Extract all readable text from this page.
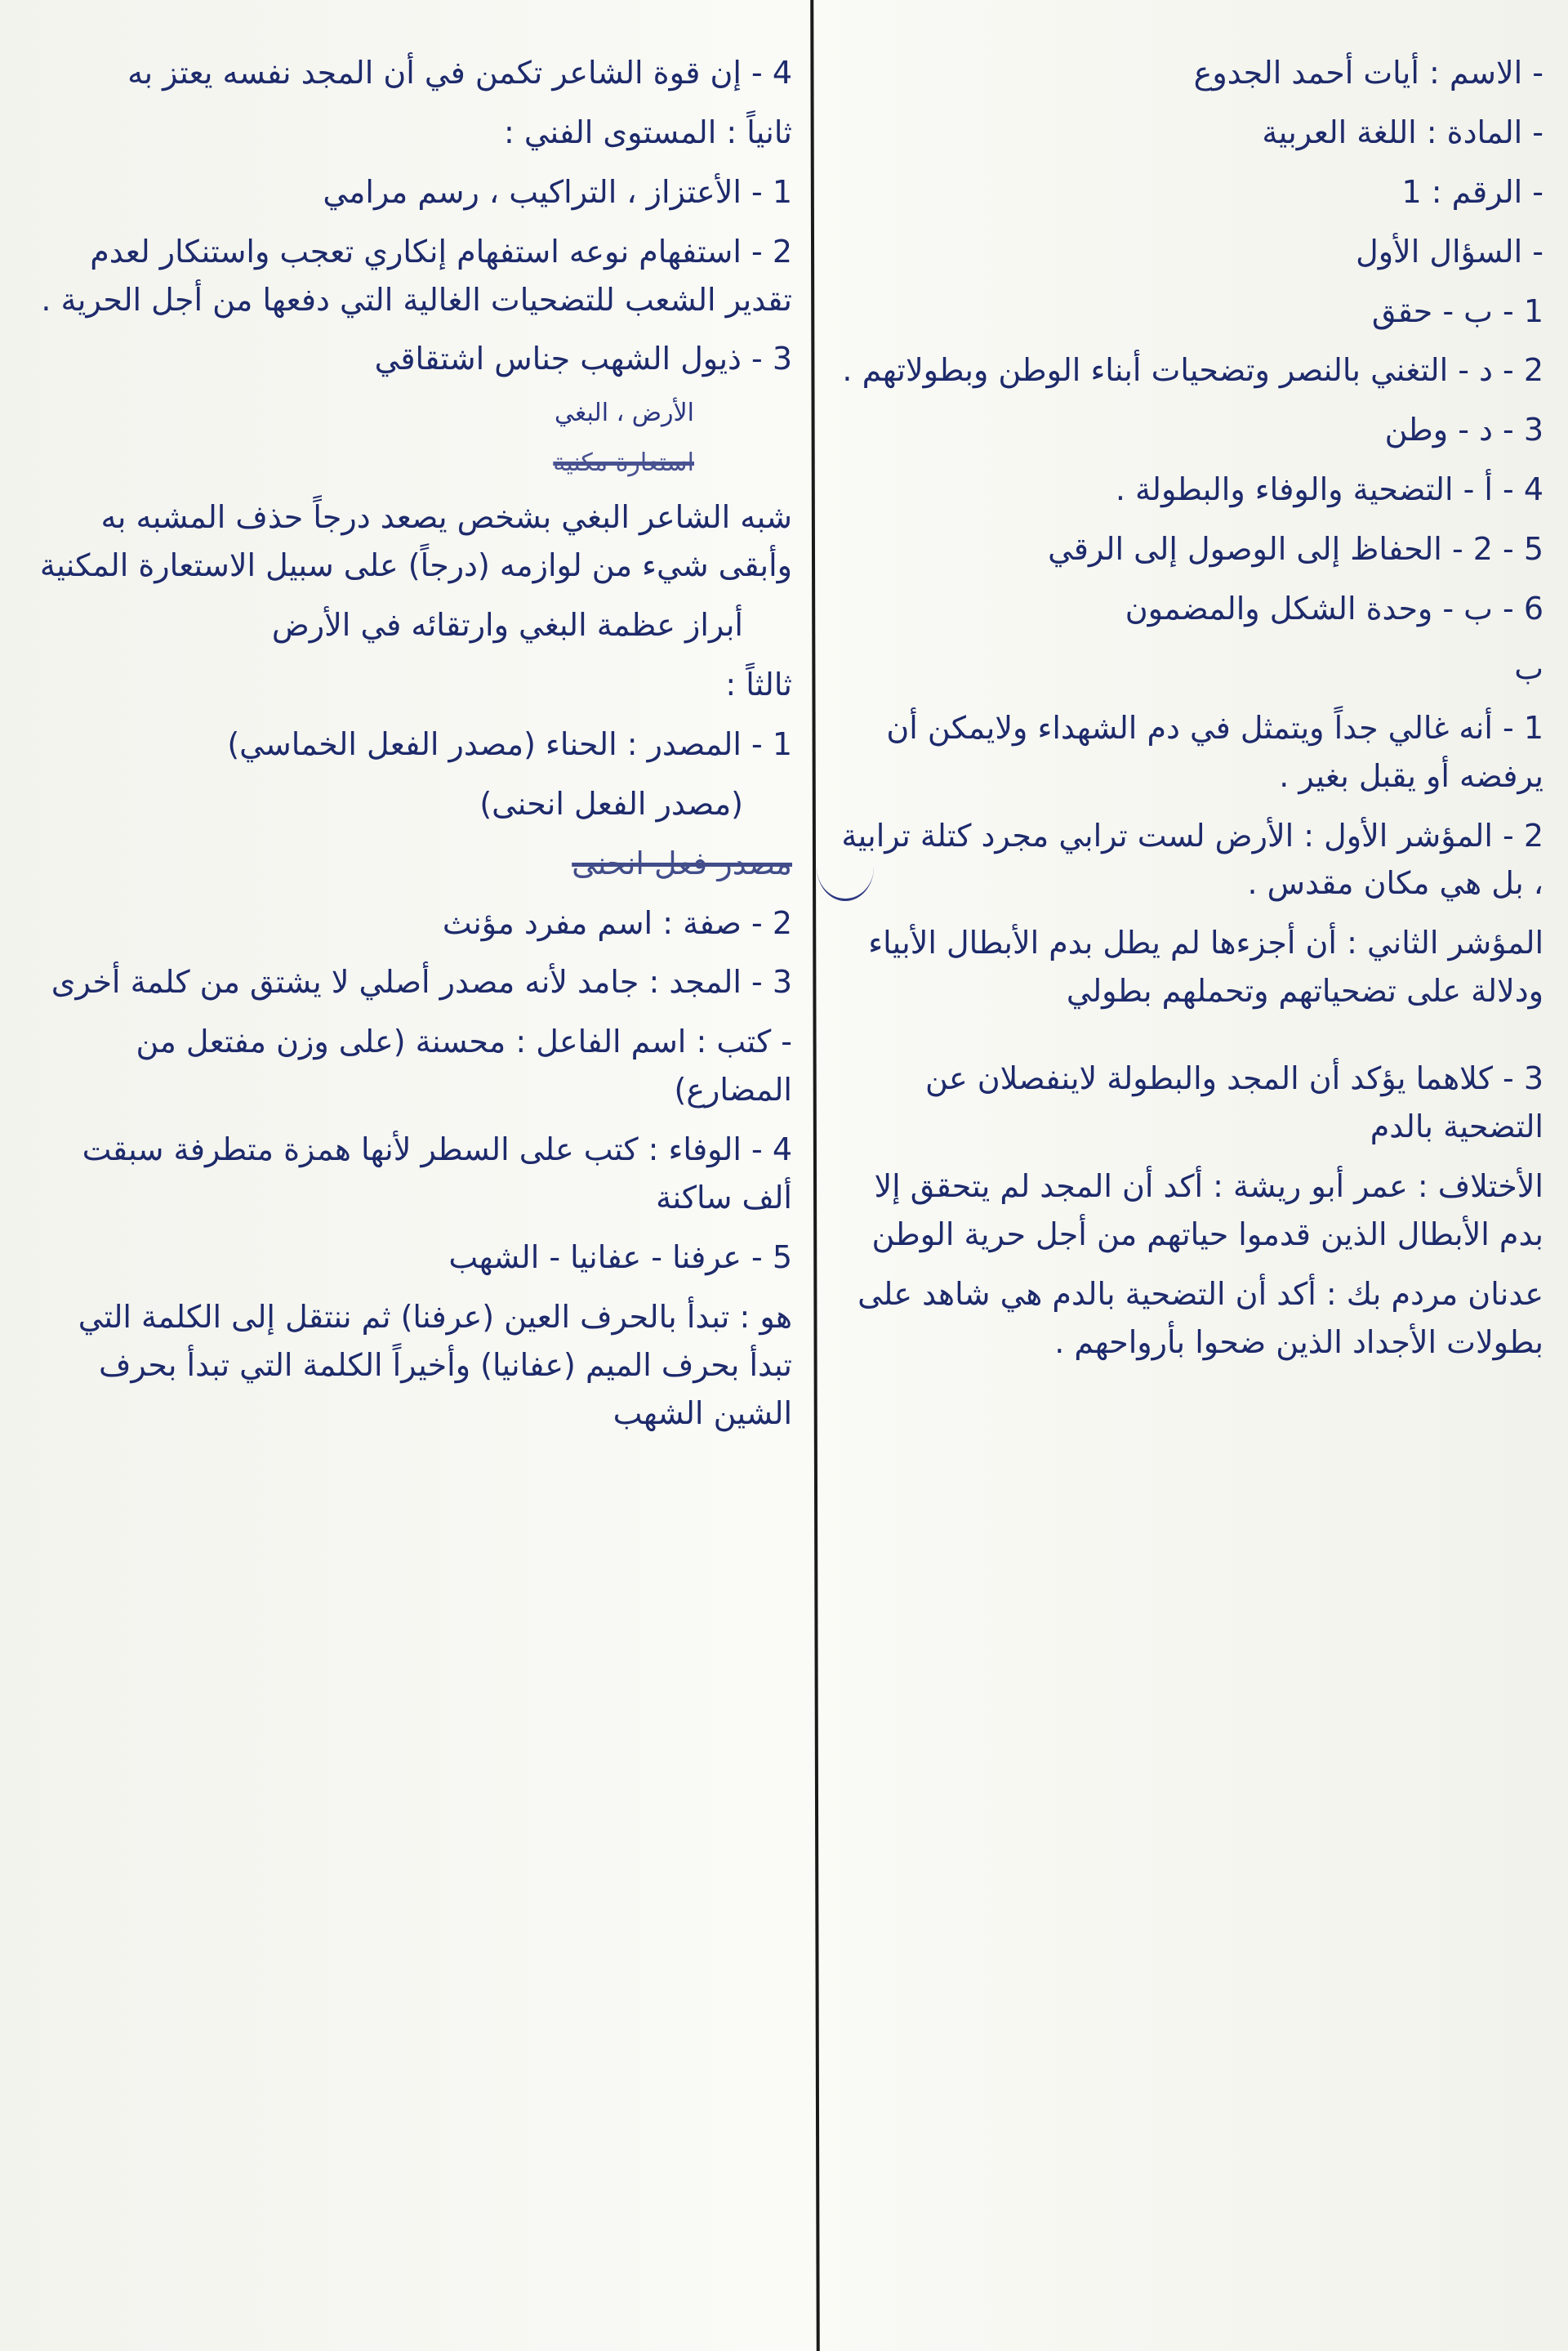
- الاسم : أيات أحمد الجدوع
- المادة : اللغة العربية
- الرقم : 1
- السؤال الأول
1 - ب - حقق
2 - د - التغني بالنصر وتضحيات أبناء الوطن وبطولاتهم .
3 - د - وطن
4 - أ - التضحية والوفاء والبطولة .
5 - 2 - الحفاظ إلى الوصول إلى الرقي
6 - ب - وحدة الشكل والمضمون
ب
1 - أنه غالي جداً ويتمثل في دم الشهداء ولايمكن أن يرفضه أو يقبل بغير .
2 - المؤشر الأول : الأرض لست ترابي مجرد كتلة ترابية ، بل هي مكان مقدس .
المؤشر الثاني : أن أجزءها لم يطل بدم الأبطال الأبياء ودلالة على تضحياتهم وتحملهم بطولي
3 - كلاهما يؤكد أن المجد والبطولة لاينفصلان عن التضحية بالدم
الأختلاف : عمر أبو ريشة : أكد أن المجد لم يتحقق إلا بدم الأبطال الذين قدموا حياتهم من أجل حرية الوطن
عدنان مردم بك : أكد أن التضحية بالدم هي شاهد على بطولات الأجداد الذين ضحوا بأرواحهم .
4 - إن قوة الشاعر تكمن في أن المجد نفسه يعتز به
ثانياً : المستوى الفني :
1 - الأعتزاز ، التراكيب ، رسم مرامي
2 - استفهام نوعه استفهام إنكاري تعجب واستنكار لعدم تقدير الشعب للتضحيات الغالية التي دفعها من أجل الحرية .
3 - ذيول الشهب جناس اشتقاقي
الأرض ، البغي
استعارة مكنية
شبه الشاعر البغي بشخص يصعد درجاً حذف المشبه به وأبقى شيء من لوازمه (درجاً) على سبيل الاستعارة المكنية
أبراز عظمة البغي وارتقائه في الأرض
ثالثاً :
1 - المصدر : الحناء (مصدر الفعل الخماسي)
(مصدر الفعل انحنى)
مصدر فعل انحنى
2 - صفة : اسم مفرد مؤنث
3 - المجد : جامد لأنه مصدر أصلي لا يشتق من كلمة أخرى
- كتب : اسم الفاعل : محسنة (على وزن مفتعل من المضارع)
4 - الوفاء : كتب على السطر لأنها همزة متطرفة سبقت ألف ساكنة
5 - عرفنا - عفانيا - الشهب
هو : تبدأ بالحرف العين (عرفنا) ثم ننتقل إلى الكلمة التي تبدأ بحرف الميم (عفانيا) وأخيراً الكلمة التي تبدأ بحرف الشين الشهب
